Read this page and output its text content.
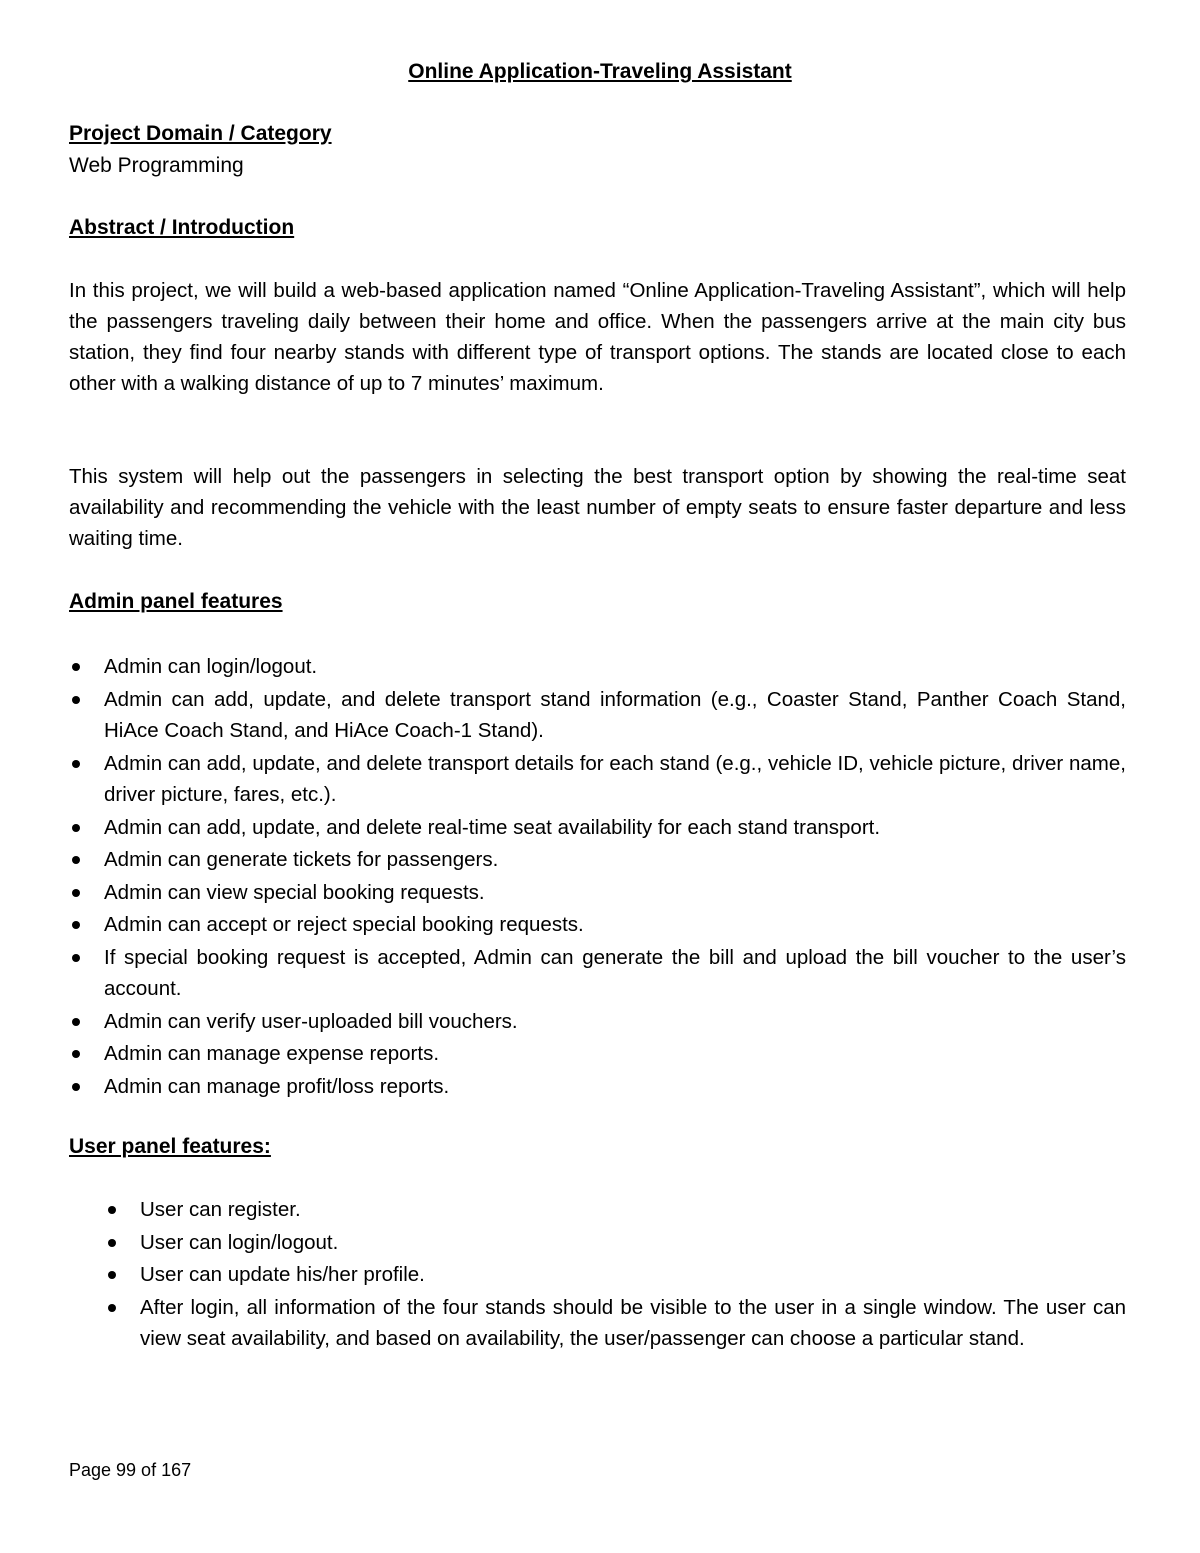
Online Application-Traveling Assistant
Project Domain / Category

Web Programming

Abstract / Introduction

In this project, we will build a web-based application named “Online Application-Traveling Assistant”, which will help the passengers traveling daily between their home and office. When the passengers arrive at the main city bus station, they find four nearby stands with different type of transport options. The stands are located close to each other with a walking distance of up to 7 minutes’ maximum.

This system will help out the passengers in selecting the best transport option by showing the real-time seat availability and recommending the vehicle with the least number of empty seats to ensure faster departure and less waiting time.

Admin panel features
Admin can login/logout.
Admin can add, update, and delete transport stand information (e.g., Coaster Stand, Panther Coach Stand, HiAce Coach Stand, and HiAce Coach-1 Stand).
Admin can add, update, and delete transport details for each stand (e.g., vehicle ID, vehicle picture, driver name, driver picture, fares, etc.).
Admin can add, update, and delete real-time seat availability for each stand transport.
Admin can generate tickets for passengers.
Admin can view special booking requests.
Admin can accept or reject special booking requests.
If special booking request is accepted, Admin can generate the bill and upload the bill voucher to the user’s account.
Admin can verify user-uploaded bill vouchers.
Admin can manage expense reports.
Admin can manage profit/loss reports.
User panel features:
User can register.
User can login/logout.
User can update his/her profile.
After login, all information of the four stands should be visible to the user in a single window. The user can view seat availability, and based on availability, the user/passenger can choose a particular stand.

Page 99 of 167
